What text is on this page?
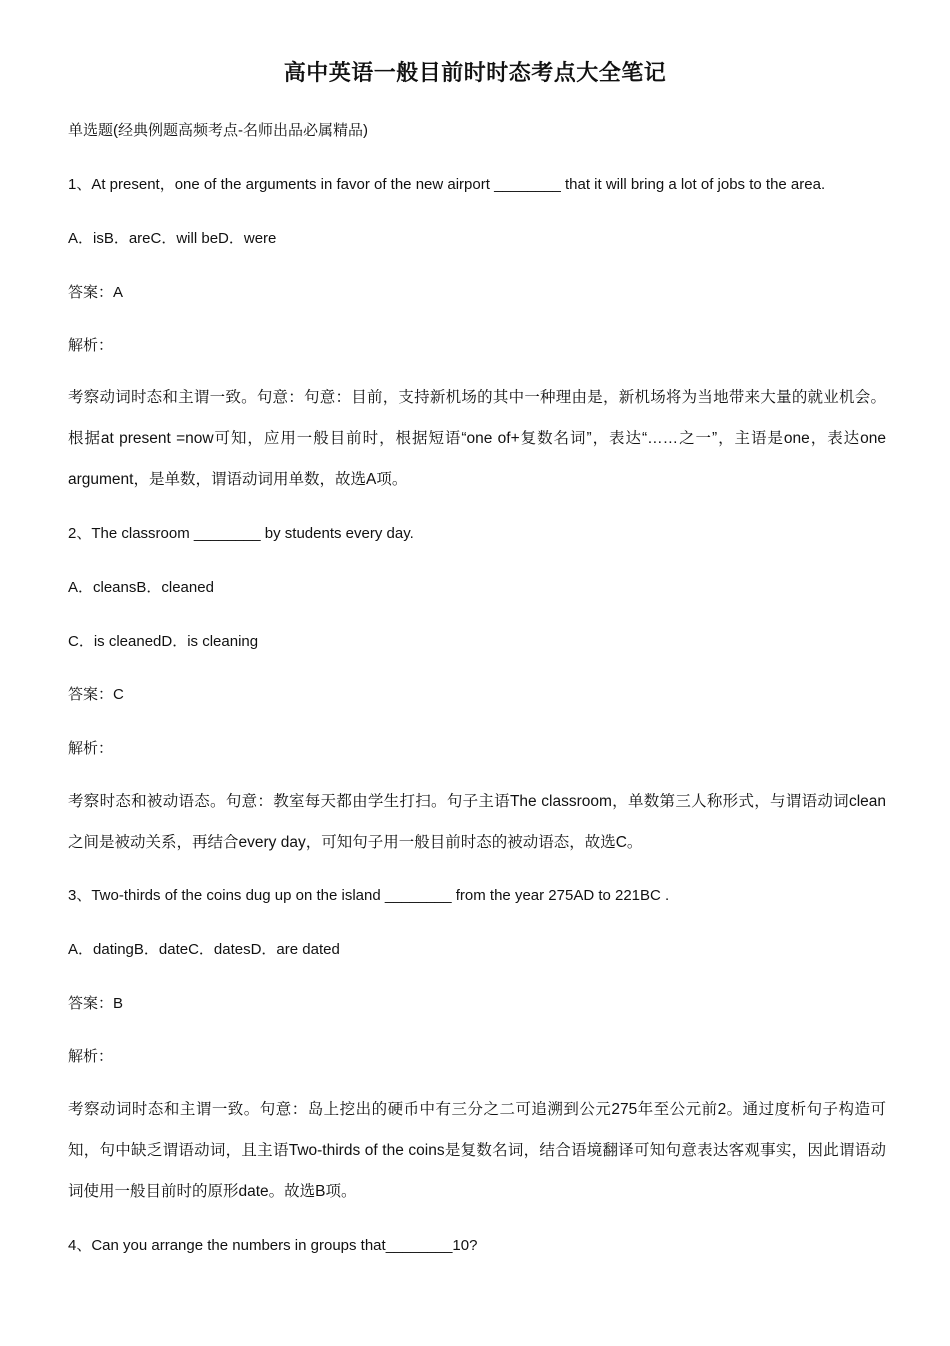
高中英语一般目前时时态考点大全笔记
单选题(经典例题高频考点-名师出品必属精品)
1、At present，one of the arguments in favor of the new airport ________ that it will bring a lot of jobs to the area.
A．isB．areC．will beD．were
答案：A
解析：
考察动词时态和主谓一致。句意：句意：目前，支持新机场的其中一种理由是，新机场将为当地带来大量的就业机会。根据at present =now可知，应用一般目前时，根据短语“one of+复数名词”，表达“……之一”，主语是one，表达one argument，是单数，谓语动词用单数，故选A项。
2、The classroom ________ by students every day.
A．cleansB．cleaned
C．is cleanedD．is cleaning
答案：C
解析：
考察时态和被动语态。句意：教室每天都由学生打扫。句子主语The classroom，单数第三人称形式，与谓语动词clean之间是被动关系，再结合every day，可知句子用一般目前时态的被动语态，故选C。
3、Two-thirds of the coins dug up on the island ________ from the year 275AD to 221BC .
A．datingB．dateC．datesD．are dated
答案：B
解析：
考察动词时态和主谓一致。句意：岛上挖出的硬币中有三分之二可追溯到公元275年至公元前2。通过度析句子构造可知，句中缺乏谓语动词，且主语Two-thirds of the coins是复数名词，结合语境翻译可知句意表达客观事实，因此谓语动词使用一般目前时的原形date。故选B项。
4、Can you arrange the numbers in groups that________10?
